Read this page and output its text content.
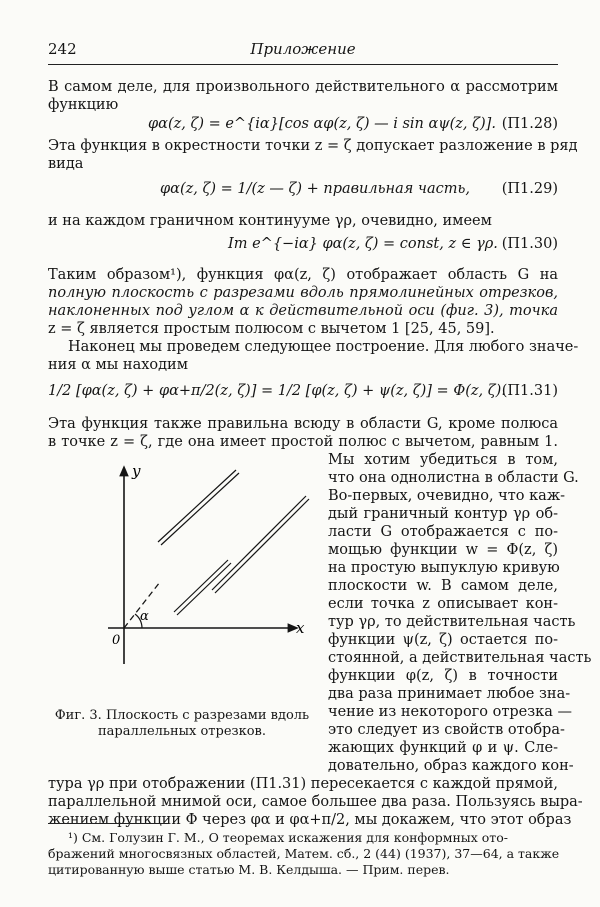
242	Приложение
В самом деле, для произвольного действительного α рассмотрим
функцию
φα(z, ζ) = e^{iα}[cos αφ(z, ζ) — i sin αψ(z, ζ)]. (П1.28)
Эта функция в окрестности точки z = ζ допускает разложение в ряд
вида
φα(z, ζ) = 1/(z — ζ) + правильная часть, (П1.29)
и на каждом граничном континууме γρ, очевидно, имеем
Im e^{−iα} φα(z, ζ) = const, z ∈ γρ. (П1.30)
Таким образом¹), функция φα(z, ζ) отображает область G на
полную плоскость с разрезами вдоль прямолинейных отрезков,
наклоненных под углом α к действительной оси (фиг. 3), точка
z = ζ является простым полюсом с вычетом 1 [25, 45, 59].
Наконец мы проведем следующее построение. Для любого значе-
ния α мы находим
1/2 [φα(z, ζ) + φα+π/2(z, ζ)] = 1/2 [φ(z, ζ) + ψ(z, ζ)] = Φ(z, ζ).
(П1.31)
Эта функция также правильна всюду в области G, кроме полюса
в точке z = ζ, где она имеет простой полюс с вычетом, равным 1.
Мы хотим убедиться в том,
что она однолистна в области G.
Во-первых, очевидно, что каж-
дый граничный контур γρ об-
ласти G отображается с по-
мощью функции w = Φ(z, ζ)
на простую выпуклую кривую
плоскости w. В самом деле,
если точка z описывает кон-
тур γρ, то действительная часть
функции ψ(z, ζ) остается по-
стоянной, а действительная часть
функции φ(z, ζ) в точности
два раза принимает любое зна-
чение из некоторого отрезка —
это следует из свойств отобра-
жающих функций φ и ψ. Сле-
довательно, образ каждого кон-
тура γρ при отображении (П1.31) пересекается с каждой прямой,
параллельной мнимой оси, самое большее два раза. Пользуясь выра-
жением функции Φ через φα и φα+π/2, мы докажем, что этот образ
y
x
0
α
Фиг. 3. Плоскость с разрезами вдоль
параллельных отрезков.
¹) См. Голузин Г. М., О теоремах искажения для конформных ото-
бражений многосвязных областей, Матем. сб., 2 (44) (1937), 37—64, а также
цитированную выше статью М. В. Келдыша. — Прим. перев.
